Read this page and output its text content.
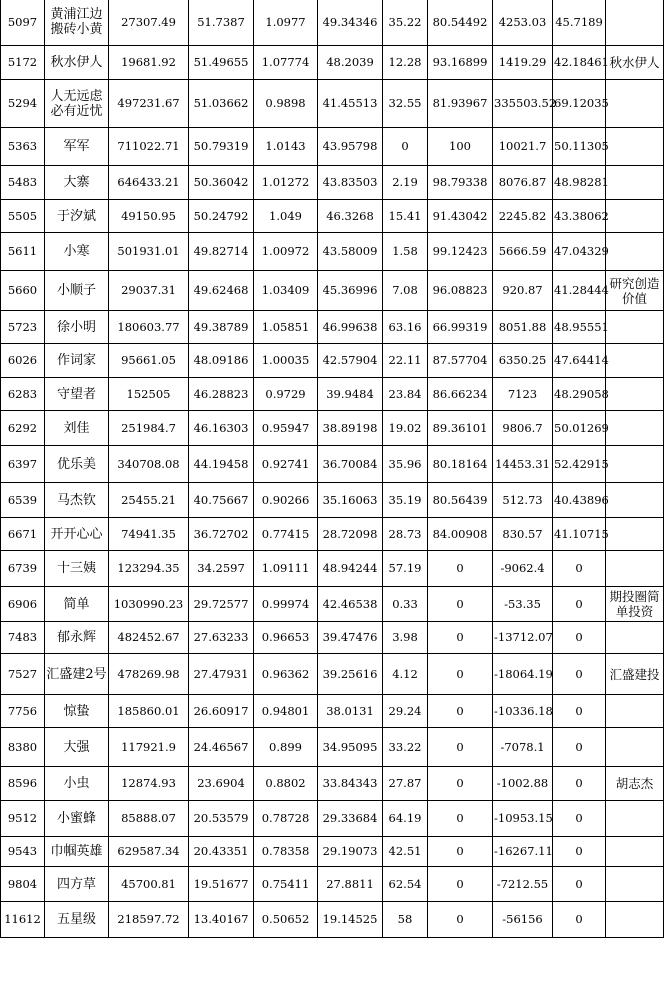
5097	黄浦江边搬砖小黄	27307.49	51.7387	1.0977	49.34346	35.22	80.54492	4253.03	45.7189	
5172	秋水伊人	19681.92	51.49655	1.07774	48.2039	12.28	93.16899	1419.29	42.18461	秋水伊人
5294	人无远虑必有近忧	497231.67	51.03662	0.9898	41.45513	32.55	81.93967	335503.52	69.12035	
5363	军军	711022.71	50.79319	1.0143	43.95798	0	100	10021.7	50.11305	
5483	大寨	646433.21	50.36042	1.01272	43.83503	2.19	98.79338	8076.87	48.98281	
5505	于汐斌	49150.95	50.24792	1.049	46.3268	15.41	91.43042	2245.82	43.38062	
5611	小寒	501931.01	49.82714	1.00972	43.58009	1.58	99.12423	5666.59	47.04329	
5660	小顺子	29037.31	49.62468	1.03409	45.36996	7.08	96.08823	920.87	41.28444	研究创造价值
5723	徐小明	180603.77	49.38789	1.05851	46.99638	63.16	66.99319	8051.88	48.95551	
6026	作词家	95661.05	48.09186	1.00035	42.57904	22.11	87.57704	6350.25	47.64414	
6283	守望者	152505	46.28823	0.9729	39.9484	23.84	86.66234	7123	48.29058	
6292	刘佳	251984.7	46.16303	0.95947	38.89198	19.02	89.36101	9806.7	50.01269	
6397	优乐美	340708.08	44.19458	0.92741	36.70084	35.96	80.18164	14453.31	52.42915	
6539	马杰钦	25455.21	40.75667	0.90266	35.16063	35.19	80.56439	512.73	40.43896	
6671	开开心心	74941.35	36.72702	0.77415	28.72098	28.73	84.00908	830.57	41.10715	
6739	十三姨	123294.35	34.2597	1.09111	48.94244	57.19	0	-9062.4	0	
6906	简单	1030990.23	29.72577	0.99974	42.46538	0.33	0	-53.35	0	期投圈简单投资
7483	郁永辉	482452.67	27.63233	0.96653	39.47476	3.98	0	-13712.07	0	
7527	汇盛建2号	478269.98	27.47931	0.96362	39.25616	4.12	0	-18064.19	0	汇盛建投
7756	惊蛰	185860.01	26.60917	0.94801	38.0131	29.24	0	-10336.18	0	
8380	大强	117921.9	24.46567	0.899	34.95095	33.22	0	-7078.1	0	
8596	小虫	12874.93	23.6904	0.8802	33.84343	27.87	0	-1002.88	0	胡志杰
9512	小蜜蜂	85888.07	20.53579	0.78728	29.33684	64.19	0	-10953.15	0	
9543	巾帼英雄	629587.34	20.43351	0.78358	29.19073	42.51	0	-16267.11	0	
9804	四方草	45700.81	19.51677	0.75411	27.8811	62.54	0	-7212.55	0	
11612	五星级	218597.72	13.40167	0.50652	19.14525	58	0	-56156	0	
